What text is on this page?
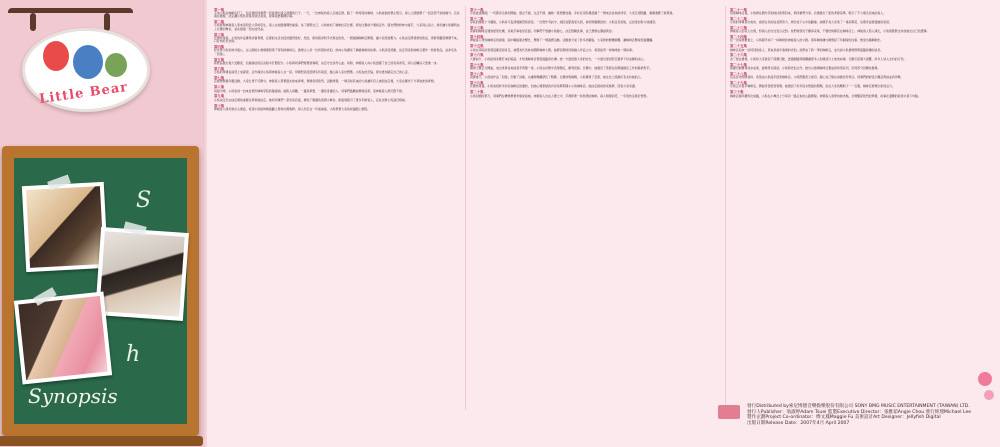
Little Bear
S
h
Synopsis
第一集

主角小熊在咖啡店打工，和店裡的同事們一起度過忙碌又熱鬧的日子。一天，一位神秘的客人走進店裡，點了一杯特別的咖啡，小熊被他的舉止吸引，兩人之間展開了一段意想不到的緣分。店長看在眼裡，決定讓小熊負責接待這位常客，故事由此揭開序幕。

第二集

小熊發現神秘客人原來是附近大學的學生，兩人在校園裡偶然重逢。為了證明自己，小熊參加了咖啡拉花比賽，卻在比賽前夕遇到意外。朋友們紛紛伸出援手，大家同心協力，終於讓小熊順利站上比賽的舞台，並在最後一刻完成作品。

第三集

比賽結束後，小熊的作品獲得評審青睞，店裡的生意也因此變得更好。然而，新的競爭對手出現在街角，一間連鎖咖啡店開幕，讓大家感到壓力。小熊決定研發新的飲品，卻發現靈感遲遲不來，只好向好友求助。

第四集

好友帶小熊到郊外散心，在山間的小農場裡發現了特別的咖啡豆。農場主人是一位和藹的老伯，他向小熊講述了種植咖啡的故事。小熊深受感動，決定用這批咖啡豆製作一款新飲品，並命名為「回憶」。

第五集

新飲品推出後大受歡迎，但連鎖店的店長暗中打聽配方。小熊與同事們察覺到異樣，決定守住這份心血。同時，神秘客人向小熊透露了自己的家庭背景，兩人的關係又更進一步。

第六集

小熊的母親從南部上來探望，意外撞見小熊與神秘客人在一起。母親對這段感情有所保留，擔心兩人家世懸殊。小熊為此苦惱，卻也更加確定自己的心意。

第七集

店裡舉辦週年慶活動，大家忙得不可開交。神秘客人帶著朋友前來捧場，現場氣氛熱烈。活動尾聲，一場突如其來的大雨讓所有人被困在店裡，大家在燭光下分享彼此的夢想。

第八集

雨過天晴，小熊收到一封來自國外咖啡學院的邀請函。她陷入兩難，一邊是夢想，一邊是身邊的人。同事們鼓勵她勇敢追夢，而神秘客人卻沉默不語。

第九集

小熊決定先完成店裡的重要任務再做決定。她和同事們一起改造店面，增加了閱讀角落與小舞台。新面貌吸引了更多年輕客人，店長也對小熊刮目相看。

第十集

神秘客人終於說出心裡話，希望小熊能夠無後顧之憂地出國進修。兩人約定在一年後重逢，小熊帶著大家的祝福踏上旅程。

第十一集

小熊抵達異國，一切都是全新的開始。語言不通、生活不便，讓她一度想要放棄。幸好在學院裡認識了一群來自各地的同學，大家互相照顧，漸漸適應了新環境。

第十二集

學院的課程十分嚴格，小熊每天從清晨練習到深夜。一次實作考試中，她因為緊張而失誤，被老師嚴厲批評。小熊沒有氣餒，反而更加努力地練習。

第十三集

家鄉的咖啡店遇到經營危機，房東打算收回店面。同事們不想讓小熊擔心，決定隱瞞此事，自己想辦法籌措資金。

第十四集

神秘客人得知咖啡店的困境，暗中聯絡朋友幫忙，舉辦了一場義賣活動。活動當天來了許多老顧客，大家紛紛慷慨解囊，讓咖啡店暫時度過難關。

第十五集

小熊在學院的表現逐漸受到肯定，被選為代表參加國際咖啡大賽。她將家鄉的回憶融入作品之中，希望能用一杯咖啡說一個故事。

第十六集

大賽前夕，小熊接到家鄉打來的電話，才知道咖啡店曾經面臨的危機。她一方面感激大家的付出，一方面也更加堅定要拿下好成績的決心。

第十七集

國際大賽正式開始，來自世界各地的高手齊聚一堂。小熊在初賽中表現穩定，順利晉級。比賽中，她遇見了曾經在家鄉連鎖店工作的競爭對手。

第十八集

決賽當天，小熊的作品「回憶」打動了評審，也讓現場觀眾紅了眼眶。比賽結果揭曉，小熊獲得了亞軍，她在台上感謝所有支持她的人。

第十九集

比賽結束後，小熊收到許多知名咖啡店的邀約，但她心裡牽掛的仍是家鄉那間小小的咖啡店。她決定提前結束進修，回到大家身邊。

第二十集

小熊回國的那天，同事們在機場舉著布條迎接她。神秘客人也在人群之中，手裡捧著一杯熟悉的咖啡。兩人相視而笑，一年的約定終於實現。

第二十一集

回到咖啡店後，小熊將在國外學到的技術帶回來，與同事們分享。店裡推出了新的季節菜單，吸引了不少慕名而來的客人。

第二十二集

小熊的母親再次來訪，看到女兒的成長與努力，終於放下心中的顧慮。她親手為大家煮了一桌家鄉菜，店裡洋溢著溫暖的氣氛。

第二十三集

神秘客人的家人出現，對兩人的交往表示反對。他們希望兒子繼承家業，不要把時間花在咖啡店上。神秘客人陷入掙扎，小熊則默默支持他做出自己的選擇。

第二十四集

在一次家族聚會上，小熊親手沖了一杯咖啡給神秘客人的父親。那杯咖啡讓父親想起了年輕時的往事，態度也漸漸軟化。

第二十五集

咖啡店迎來一位特別的客人，原來是當年農場的老伯。他帶來了新一季的咖啡豆，並告訴小熊農場即將面臨拆遷的消息。

第二十六集

為了保住農場，小熊和大家發起了保護行動，透過網路與媒體讓更多人知道這片土地的故事。行動引起廣大迴響，許多人加入支持的行列。

第二十七集

保護行動獲得初步成果，農場得以保留。小熊與老伯合作，推出以農場咖啡豆製成的特別系列，所得部分回饋給農場。

第二十八集

店長宣布即將退休，希望由小熊接手經營咖啡店。小熊既驚喜又惶恐，擔心自己無法承擔這份責任。同事們紛紛表示願意與她並肩作戰。

第二十九集

小熊正式接手咖啡店，開始學習經營管理。她遇到了許多從未想過的問題，但在大家的幫助下一一克服，咖啡店展現出新的活力。

第三十集

咖啡店週年慶再次來臨，小熊在小舞台上分享這一路走來的心路歷程。神秘客人當眾向她求婚，全場響起熱烈的掌聲，故事在溫馨的氣氛中畫下句點。

發行Distributed by索尼博德音樂娛樂股份有限公司 SONY BMG MUSIC ENTERTAINMENT (TAIWAN) LTD.
發行人Publisher：翁淑婷Adam Tsuei 監製Executive Director：張雅茹Angie Chou 發行經理Michael Lee
製作企劃Project Co-ordinator：傅文鳳Maggie Fu 美術設計Art Designer：Jellyfish Digital
出版日期Release Date：2007年4月 April 2007
